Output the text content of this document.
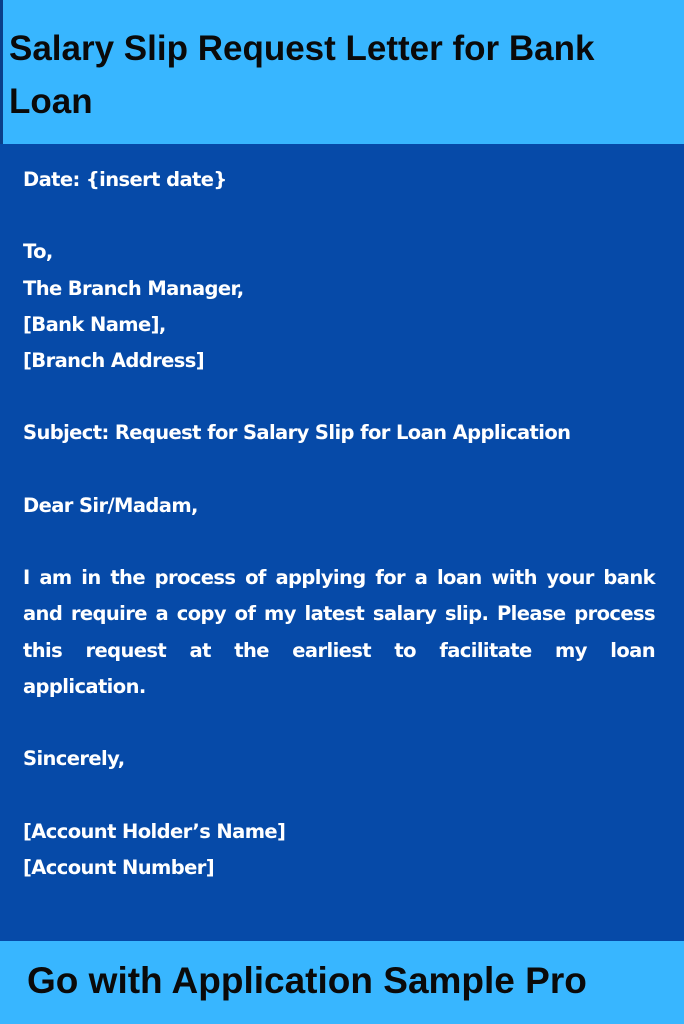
Salary Slip Request Letter for Bank Loan
Date: {insert date}
To,
The Branch Manager,
[Bank Name],
[Branch Address]
Subject: Request for Salary Slip for Loan Application
Dear Sir/Madam,
I am in the process of applying for a loan with your bank and require a copy of my latest salary slip. Please process this request at the earliest to facilitate my loan application.
Sincerely,
[Account Holder’s Name]
[Account Number]
Go with Application Sample Pro
